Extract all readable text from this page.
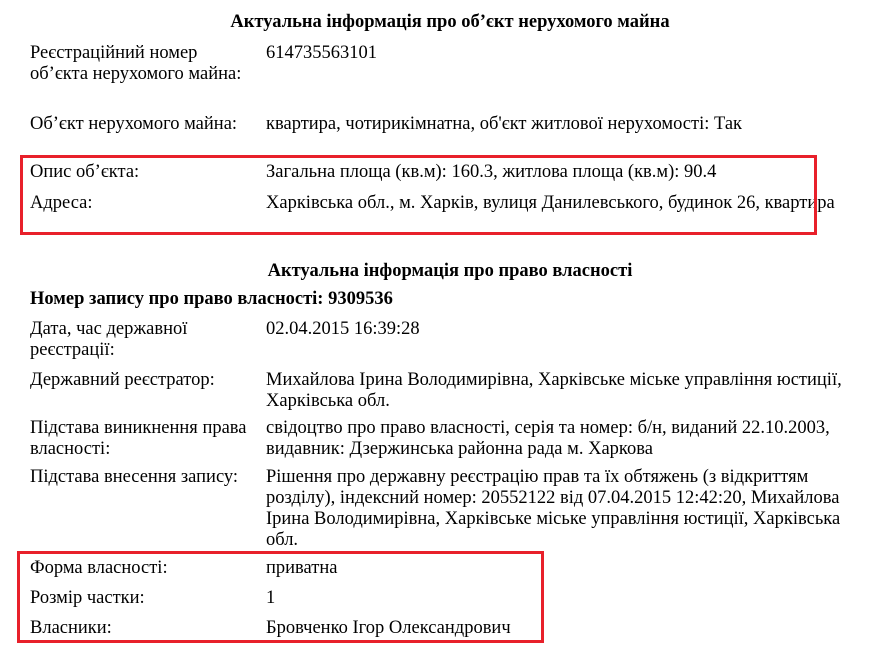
Актуальна інформація про об’єкт нерухомого майна
Реєстраційний номер об’єкта нерухомого майна:
614735563101
Об’єкт нерухомого майна:	квартира, чотирикімнатна, об'єкт житлової нерухомості: Так
Опис об’єкта:	Загальна площа (кв.м): 160.3, житлова площа (кв.м): 90.4
Адреса:	Харківська обл., м. Харків, вулиця Данилевського, будинок 26, квартира
Актуальна інформація про право власності
Номер запису про право власності: 9309536
Дата, час державної реєстрації:
02.04.2015 16:39:28
Державний реєстратор:	Михайлова Ірина Володимирівна, Харківське міське управління юстиції, Харківська обл.
Підстава виникнення права власності:
свідоцтво про право власності, серія та номер: б/н, виданий 22.10.2003, видавник: Дзержинська районна рада м. Харкова
Підстава внесення запису:	Рішення про державну реєстрацію прав та їх обтяжень (з відкриттям розділу), індексний номер: 20552122 від 07.04.2015 12:42:20, Михайлова Ірина Володимирівна, Харківське міське управління юстиції, Харківська обл.
Форма власності:	приватна
Розмір частки:	1
Власники:	Бровченко Ігор Олександрович
